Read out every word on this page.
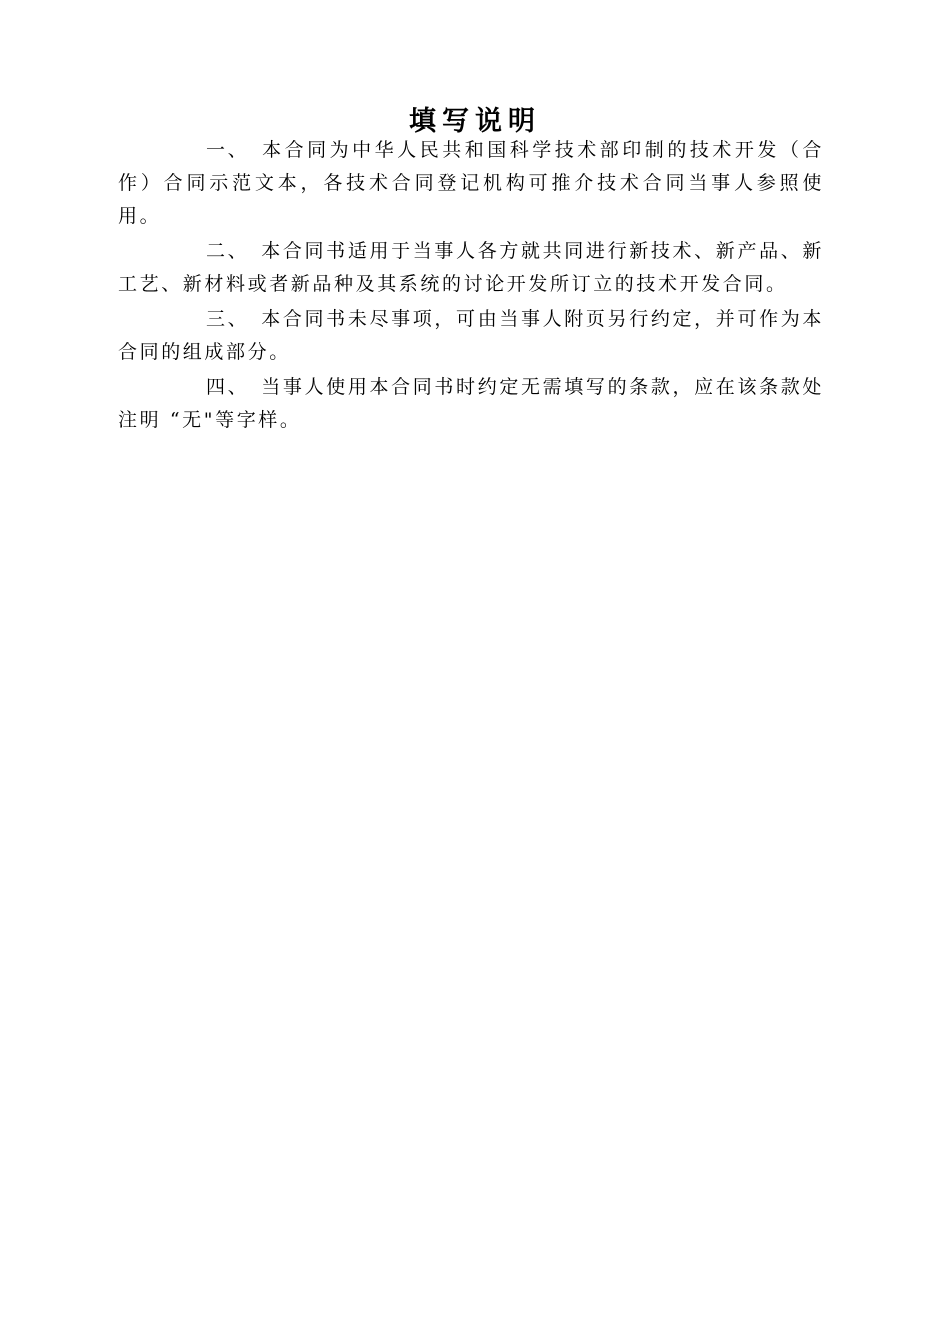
填写说明

一、 本合同为中华人民共和国科学技术部印制的技术开发（合作）合同示范文本，各技术合同登记机构可推介技术合同当事人参照使用。

二、 本合同书适用于当事人各方就共同进行新技术、新产品、新工艺、新材料或者新品种及其系统的讨论开发所订立的技术开发合同。

三、 本合同书未尽事项，可由当事人附页另行约定，并可作为本合同的组成部分。

四、 当事人使用本合同书时约定无需填写的条款，应在该条款处注明 “无"等字样。
